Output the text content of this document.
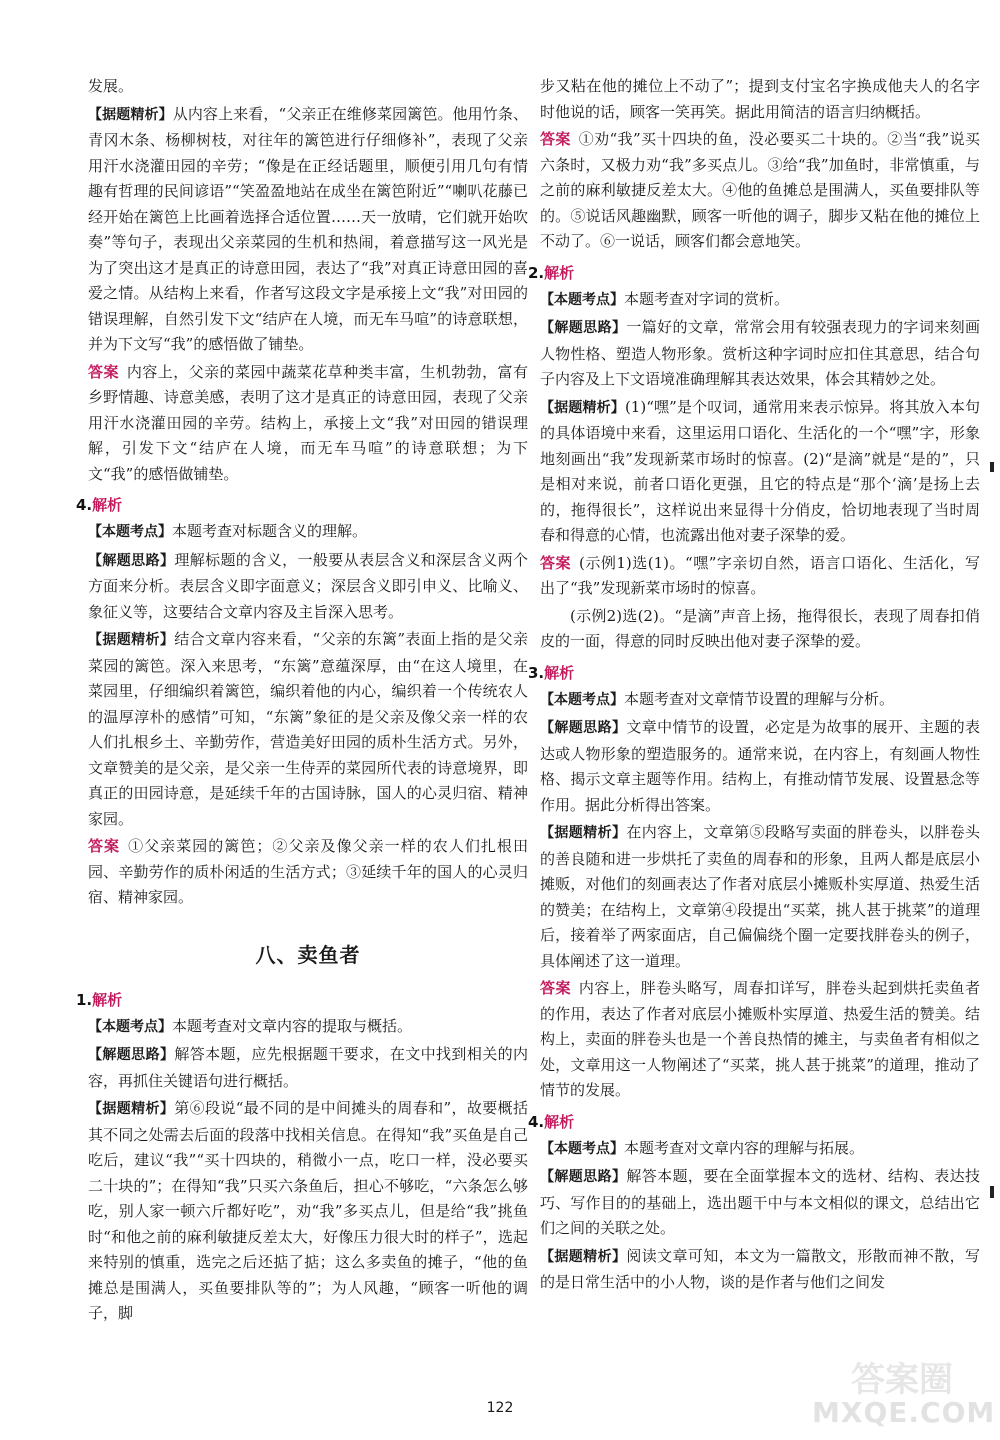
发展。

【据题精析】从内容上来看，“父亲正在维修菜园篱笆。他用竹条、青冈木条、杨柳树枝，对往年的篱笆进行仔细修补”，表现了父亲用汗水浇灌田园的辛劳；“像是在正经话题里，顺便引用几句有情趣有哲理的民间谚语”“笑盈盈地站在成坐在篱笆附近”“喇叭花藤已经开始在篱笆上比画着选择合适位置……天一放晴，它们就开始吹奏”等句子，表现出父亲菜园的生机和热闹，着意描写这一风光是为了突出这才是真正的诗意田园，表达了“我”对真正诗意田园的喜爱之情。从结构上来看，作者写这段文字是承接上文“我”对田园的错误理解，自然引发下文“结庐在人境，而无车马喧”的诗意联想，并为下文写“我”的感悟做了铺垫。

答案 内容上，父亲的菜园中蔬菜花草种类丰富，生机勃勃，富有乡野情趣、诗意美感，表明了这才是真正的诗意田园，表现了父亲用汗水浇灌田园的辛劳。结构上，承接上文“我”对田园的错误理解，引发下文“结庐在人境，而无车马喧”的诗意联想；为下文“我”的感悟做铺垫。

4.解析

【本题考点】本题考查对标题含义的理解。

【解题思路】理解标题的含义，一般要从表层含义和深层含义两个方面来分析。表层含义即字面意义；深层含义即引申义、比喻义、象征义等，这要结合文章内容及主旨深入思考。

【据题精析】结合文章内容来看，“父亲的东篱”表面上指的是父亲菜园的篱笆。深入来思考，“东篱”意蕴深厚，由“在这人境里，在菜园里，仔细编织着篱笆，编织着他的内心，编织着一个传统农人的温厚淳朴的感情”可知，“东篱”象征的是父亲及像父亲一样的农人们扎根乡土、辛勤劳作，营造美好田园的质朴生活方式。另外，文章赞美的是父亲，是父亲一生侍弄的菜园所代表的诗意境界，即真正的田园诗意，是延续千年的古国诗脉，国人的心灵归宿、精神家园。

答案 ①父亲菜园的篱笆；②父亲及像父亲一样的农人们扎根田园、辛勤劳作的质朴闲适的生活方式；③延续千年的国人的心灵归宿、精神家园。

八、卖鱼者
1.解析

【本题考点】本题考查对文章内容的提取与概括。

【解题思路】解答本题，应先根据题干要求，在文中找到相关的内容，再抓住关键语句进行概括。

【据题精析】第⑥段说“最不同的是中间摊头的周春和”，故要概括其不同之处需去后面的段落中找相关信息。在得知“我”买鱼是自己吃后，建议“我”“买十四块的，稍微小一点，吃口一样，没必要买二十块的”；在得知“我”只买六条鱼后，担心不够吃，“六条怎么够吃，别人家一顿六斤都好吃”，劝“我”多买点儿，但是给“我”挑鱼时“和他之前的麻利敏捷反差太大，好像压力很大时的样子”，选起来特别的慎重，选完之后还掂了掂；这么多卖鱼的摊子，“他的鱼摊总是围满人，买鱼要排队等的”；为人风趣，“顾客一听他的调子，脚

步又粘在他的摊位上不动了”；提到支付宝名字换成他夫人的名字时他说的话，顾客一笑再笑。据此用简洁的语言归纳概括。

答案 ①劝“我”买十四块的鱼，没必要买二十块的。②当“我”说买六条时，又极力劝“我”多买点儿。③给“我”加鱼时，非常慎重，与之前的麻利敏捷反差太大。④他的鱼摊总是围满人，买鱼要排队等的。⑤说话风趣幽默，顾客一听他的调子，脚步又粘在他的摊位上不动了。⑥一说话，顾客们都会意地笑。

2.解析

【本题考点】本题考查对字词的赏析。

【解题思路】一篇好的文章，常常会用有较强表现力的字词来刻画人物性格、塑造人物形象。赏析这种字词时应扣住其意思，结合句子内容及上下文语境准确理解其表达效果，体会其精妙之处。

【据题精析】(1)“嘿”是个叹词，通常用来表示惊异。将其放入本句的具体语境中来看，这里运用口语化、生活化的一个“嘿”字，形象地刻画出“我”发现新菜市场时的惊喜。(2)“是滴”就是“是的”，只是相对来说，前者口语化更强，且它的特点是“那个‘滴’是扬上去的，拖得很长”，这样说出来显得十分俏皮，恰切地表现了当时周春和得意的心情，也流露出他对妻子深挚的爱。

答案 (示例1)选(1)。“嘿”字亲切自然，语言口语化、生活化，写出了“我”发现新菜市场时的惊喜。

(示例2)选(2)。“是滴”声音上扬，拖得很长，表现了周春扣俏皮的一面，得意的同时反映出他对妻子深挚的爱。

3.解析

【本题考点】本题考查对文章情节设置的理解与分析。

【解题思路】文章中情节的设置，必定是为故事的展开、主题的表达或人物形象的塑造服务的。通常来说，在内容上，有刻画人物性格、揭示文章主题等作用。结构上，有推动情节发展、设置悬念等作用。据此分析得出答案。

【据题精析】在内容上，文章第⑤段略写卖面的胖卷头，以胖卷头的善良随和进一步烘托了卖鱼的周春和的形象，且两人都是底层小摊贩，对他们的刻画表达了作者对底层小摊贩朴实厚道、热爱生活的赞美；在结构上，文章第④段提出“买菜，挑人甚于挑菜”的道理后，接着举了两家面店，自己偏偏绕个圈一定要找胖卷头的例子，具体阐述了这一道理。

答案 内容上，胖卷头略写，周春扣详写，胖卷头起到烘托卖鱼者的作用，表达了作者对底层小摊贩朴实厚道、热爱生活的赞美。结构上，卖面的胖卷头也是一个善良热情的摊主，与卖鱼者有相似之处，文章用这一人物阐述了“买菜，挑人甚于挑菜”的道理，推动了情节的发展。

4.解析

【本题考点】本题考查对文章内容的理解与拓展。

【解题思路】解答本题，要在全面掌握本文的选材、结构、表达技巧、写作目的的基础上，选出题干中与本文相似的课文，总结出它们之间的关联之处。

【据题精析】阅读文章可知，本文为一篇散文，形散而神不散，写的是日常生活中的小人物，谈的是作者与他们之间发

122
答案圈
MXQE.COM
